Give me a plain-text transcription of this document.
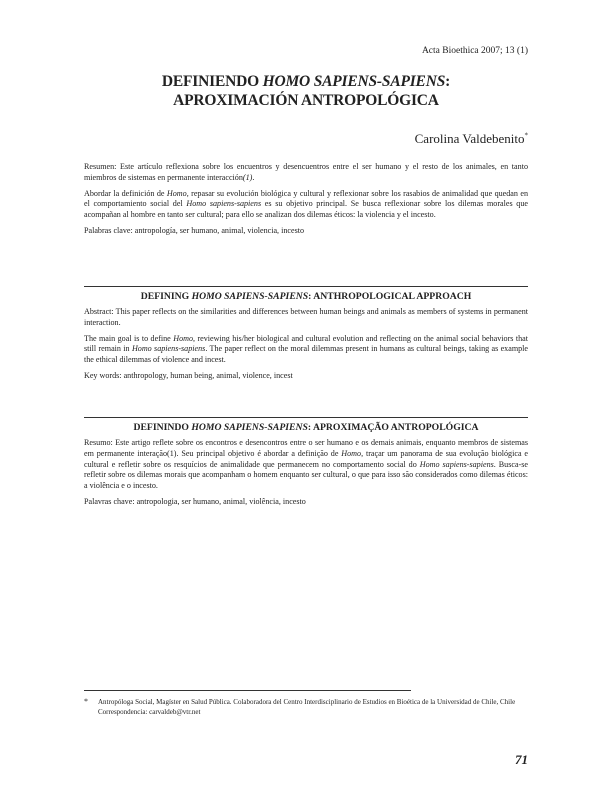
Acta Bioethica 2007; 13 (1)
DEFINIENDO HOMO SAPIENS-SAPIENS:
APROXIMACIÓN ANTROPOLÓGICA
Carolina Valdebenito*

Resumen: Este artículo reflexiona sobre los encuentros y desencuentros entre el ser humano y el resto de los animales, en tanto miembros de sistemas en permanente interacción(1).

Abordar la definición de Homo, repasar su evolución biológica y cultural y reflexionar sobre los rasabios de animalidad que quedan en el comportamiento social del Homo sapiens-sapiens es su objetivo principal. Se busca reflexionar sobre los dilemas morales que acompañan al hombre en tanto ser cultural; para ello se analizan dos dilemas éticos: la violencia y el incesto.

Palabras clave: antropología, ser humano, animal, violencia, incesto

DEFINING HOMO SAPIENS-SAPIENS: ANTHROPOLOGICAL APPROACH

Abstract: This paper reflects on the similarities and differences between human beings and animals as members of systems in permanent interaction.

The main goal is to define Homo, reviewing his/her biological and cultural evolution and reflecting on the animal social behaviors that still remain in Homo sapiens-sapiens. The paper reflect on the moral dilemmas present in humans as cultural beings, taking as example the ethical dilemmas of violence and incest.

Key words: anthropology, human being, animal, violence, incest

DEFININDO HOMO SAPIENS-SAPIENS: APROXIMAÇÃO ANTROPOLÓGICA

Resumo: Este artigo reflete sobre os encontros e desencontros entre o ser humano e os demais animais, enquanto membros de sistemas em permanente interação(1). Seu principal objetivo é abordar a definição de Homo, traçar um panorama de sua evolução biológica e cultural e refletir sobre os resquícios de animalidade que permanecem no comportamento social do Homo sapiens-sapiens. Busca-se refletir sobre os dilemas morais que acompanham o homem enquanto ser cultural, o que para isso são considerados como dilemas éticos: a violência e o incesto.

Palavras chave: antropologia, ser humano, animal, violência, incesto

* Antropóloga Social, Magíster en Salud Pública. Colaboradora del Centro Interdisciplinario de Estudios en Bioética de la Universidad de Chile, Chile
Correspondencia: carvaldeb@vtr.net
71
